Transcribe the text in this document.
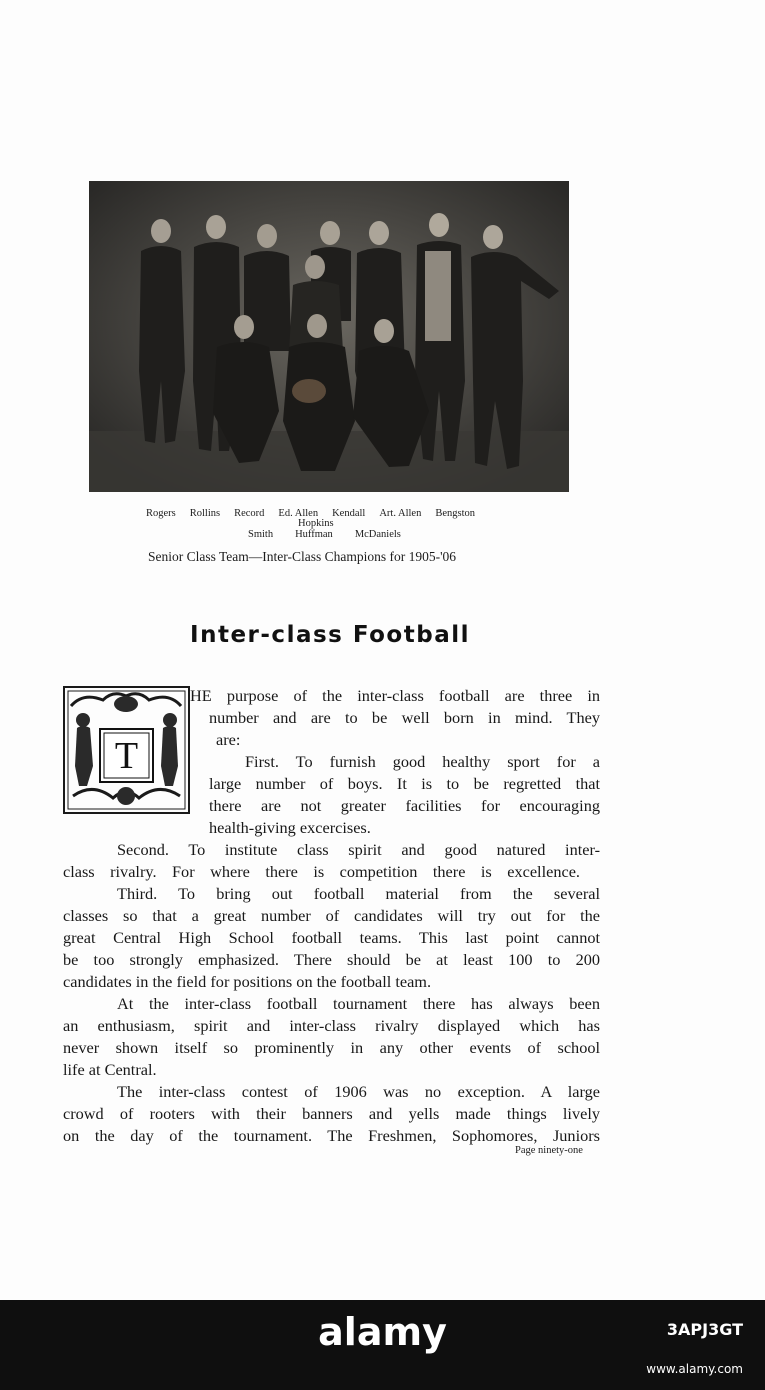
Rogers Rollins Record Ed. Allen Kendall Art. Allen Bengston
Hopkins
Smith Huffman McDaniels
Senior Class Team—Inter-Class Champions for 1905-'06
Inter-class Football
T
HE purpose of the inter-class football are three in
number and are to be well born in mind. They
are:
First. To furnish good healthy sport for a
large number of boys. It is to be regretted that
there are not greater facilities for encouraging
health-giving excercises.
Second. To institute class spirit and good natured inter-
class rivalry. For where there is competition there is excellence.
Third. To bring out football material from the several
classes so that a great number of candidates will try out for the
great Central High School football teams. This last point cannot
be too strongly emphasized. There should be at least 100 to 200
candidates in the field for positions on the football team.
At the inter-class football tournament there has always been
an enthusiasm, spirit and inter-class rivalry displayed which has
never shown itself so prominently in any other events of school
life at Central.
The inter-class contest of 1906 was no exception. A large
crowd of rooters with their banners and yells made things lively
on the day of the tournament. The Freshmen, Sophomores, Juniors
Page ninety-one
alamy	3APJ3GT
www.alamy.com
